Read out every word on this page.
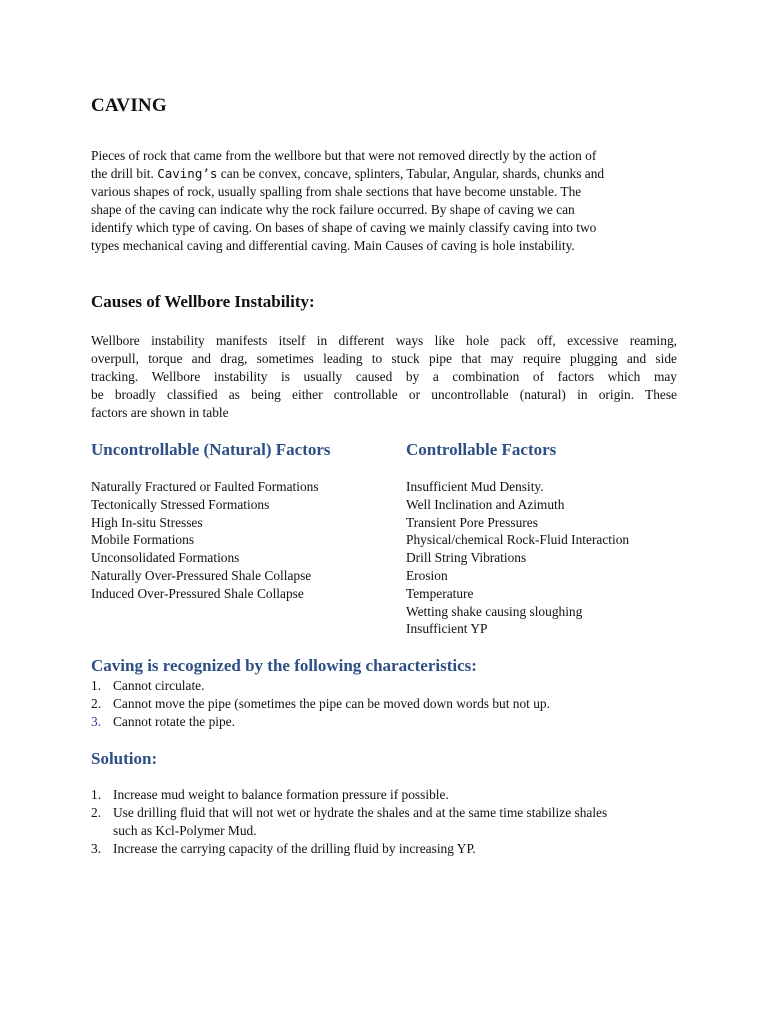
CAVING
Pieces of rock that came from the wellbore but that were not removed directly by the action of
the drill bit. Caving’s can be convex, concave, splinters, Tabular, Angular, shards, chunks and
various shapes of rock, usually spalling from shale sections that have become unstable. The
shape of the caving can indicate why the rock failure occurred. By shape of caving we can
identify which type of caving. On bases of shape of caving we mainly classify caving into two
types mechanical caving and differential caving. Main Causes of caving is hole instability.
Causes of Wellbore Instability:
Wellbore instability manifests itself in different ways like hole pack off, excessive reaming,
overpull, torque and drag, sometimes leading to stuck pipe that may require plugging and side
tracking. Wellbore instability is usually caused by a combination of factors which may
be broadly classified as being either controllable or uncontrollable (natural) in origin. These
factors are shown in table
Uncontrollable (Natural) Factors
Naturally Fractured or Faulted Formations
Tectonically Stressed Formations
High In-situ Stresses
Mobile Formations
Unconsolidated Formations
Naturally Over-Pressured Shale Collapse
Induced Over-Pressured Shale Collapse
Controllable Factors
Insufficient Mud Density.
Well Inclination and Azimuth
Transient Pore Pressures
Physical/chemical Rock-Fluid Interaction
Drill String Vibrations
Erosion
Temperature
Wetting shake causing sloughing
Insufficient YP
Caving is recognized by the following characteristics:
1. Cannot circulate.
2. Cannot move the pipe (sometimes the pipe can be moved down words but not up.
3. Cannot rotate the pipe.
Solution:
1. Increase mud weight to balance formation pressure if possible.
2. Use drilling fluid that will not wet or hydrate the shales and at the same time stabilize shales
such as Kcl-Polymer Mud.
3. Increase the carrying capacity of the drilling fluid by increasing YP.
